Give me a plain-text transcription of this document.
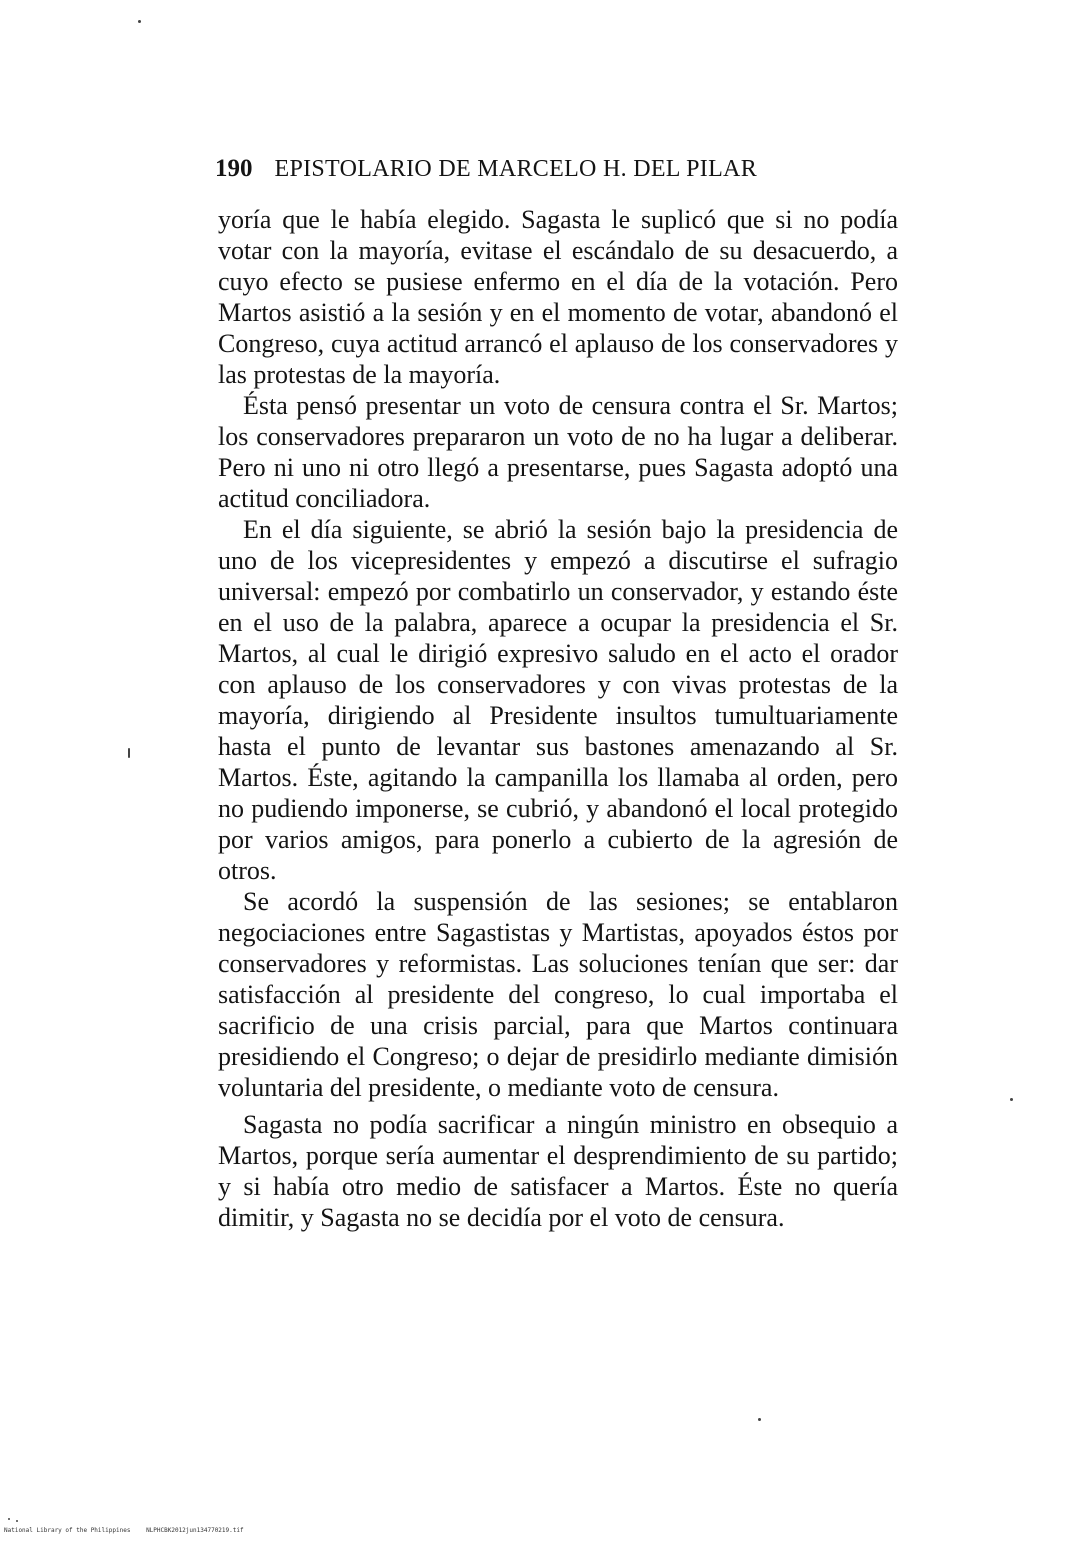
190 EPISTOLARIO DE MARCELO H. DEL PILAR

yoría que le había elegido. Sagasta le suplicó que si no podía votar con la mayoría, evitase el escándalo de su desacuerdo, a cuyo efecto se pusiese enfermo en el día de la votación. Pero Martos asistió a la sesión y en el momento de votar, abandonó el Congreso, cuya actitud arrancó el aplauso de los conservadores y las protestas de la mayoría.

Ésta pensó presentar un voto de censura contra el Sr. Martos; los conservadores prepararon un voto de no ha lugar a deliberar. Pero ni uno ni otro llegó a presentarse, pues Sagasta adoptó una actitud conciliadora.

En el día siguiente, se abrió la sesión bajo la presidencia de uno de los vicepresidentes y empezó a discutirse el sufragio universal: empezó por combatirlo un conservador, y estando éste en el uso de la palabra, aparece a ocupar la presidencia el Sr. Martos, al cual le dirigió expresivo saludo en el acto el orador con aplauso de los conservadores y con vivas protestas de la mayoría, dirigiendo al Presidente insultos tumultuariamente hasta el punto de levantar sus bastones amenazando al Sr. Martos. Éste, agitando la campanilla los llamaba al orden, pero no pudiendo imponerse, se cubrió, y abandonó el local protegido por varios amigos, para ponerlo a cubierto de la agresión de otros.

Se acordó la suspensión de las sesiones; se entablaron negociaciones entre Sagastistas y Martistas, apoyados éstos por conservadores y reformistas. Las soluciones tenían que ser: dar satisfacción al presidente del congreso, lo cual importaba el sacrificio de una crisis parcial, para que Martos continuara presidiendo el Congreso; o dejar de presidirlo mediante dimisión voluntaria del presidente, o mediante voto de censura.

Sagasta no podía sacrificar a ningún ministro en obsequio a Martos, porque sería aumentar el desprendimiento de su partido; y si había otro medio de satisfacer a Martos. Éste no quería dimitir, y Sagasta no se decidía por el voto de censura.

National Library of the Philippines	NLPHCBK2012jun134770219.tif
